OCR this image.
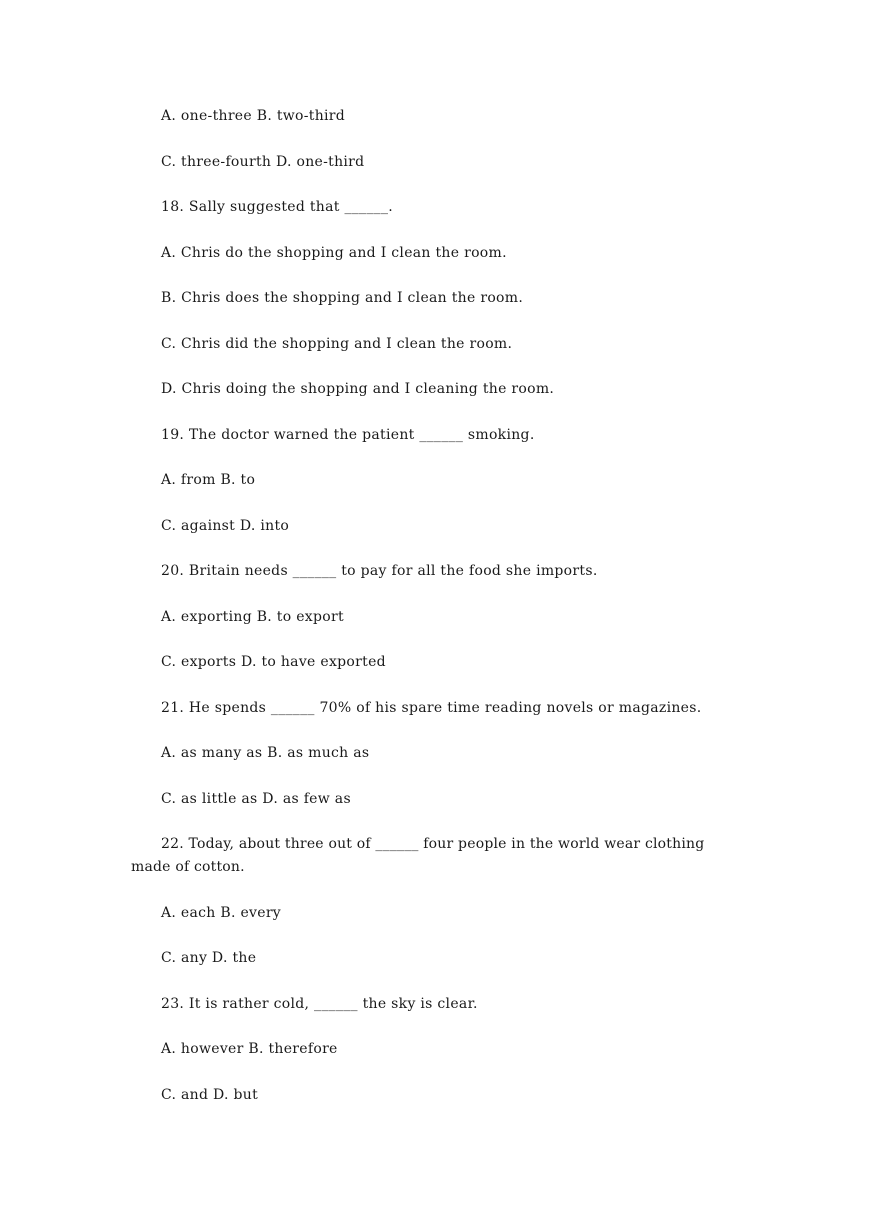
A. one-three B. two-third
C. three-fourth D. one-third
18. Sally suggested that ______.
A. Chris do the shopping and I clean the room.
B. Chris does the shopping and I clean the room.
C. Chris did the shopping and I clean the room.
D. Chris doing the shopping and I cleaning the room.
19. The doctor warned the patient ______ smoking.
A. from B. to
C. against D. into
20. Britain needs ______ to pay for all the food she imports.
A. exporting B. to export
C. exports D. to have exported
21. He spends ______ 70% of his spare time reading novels or magazines.
A. as many as B. as much as
C. as little as D. as few as
22. Today, about three out of ______ four people in the world wear clothing made of cotton.
A. each B. every
C. any D. the
23. It is rather cold, ______ the sky is clear.
A. however B. therefore
C. and D. but
